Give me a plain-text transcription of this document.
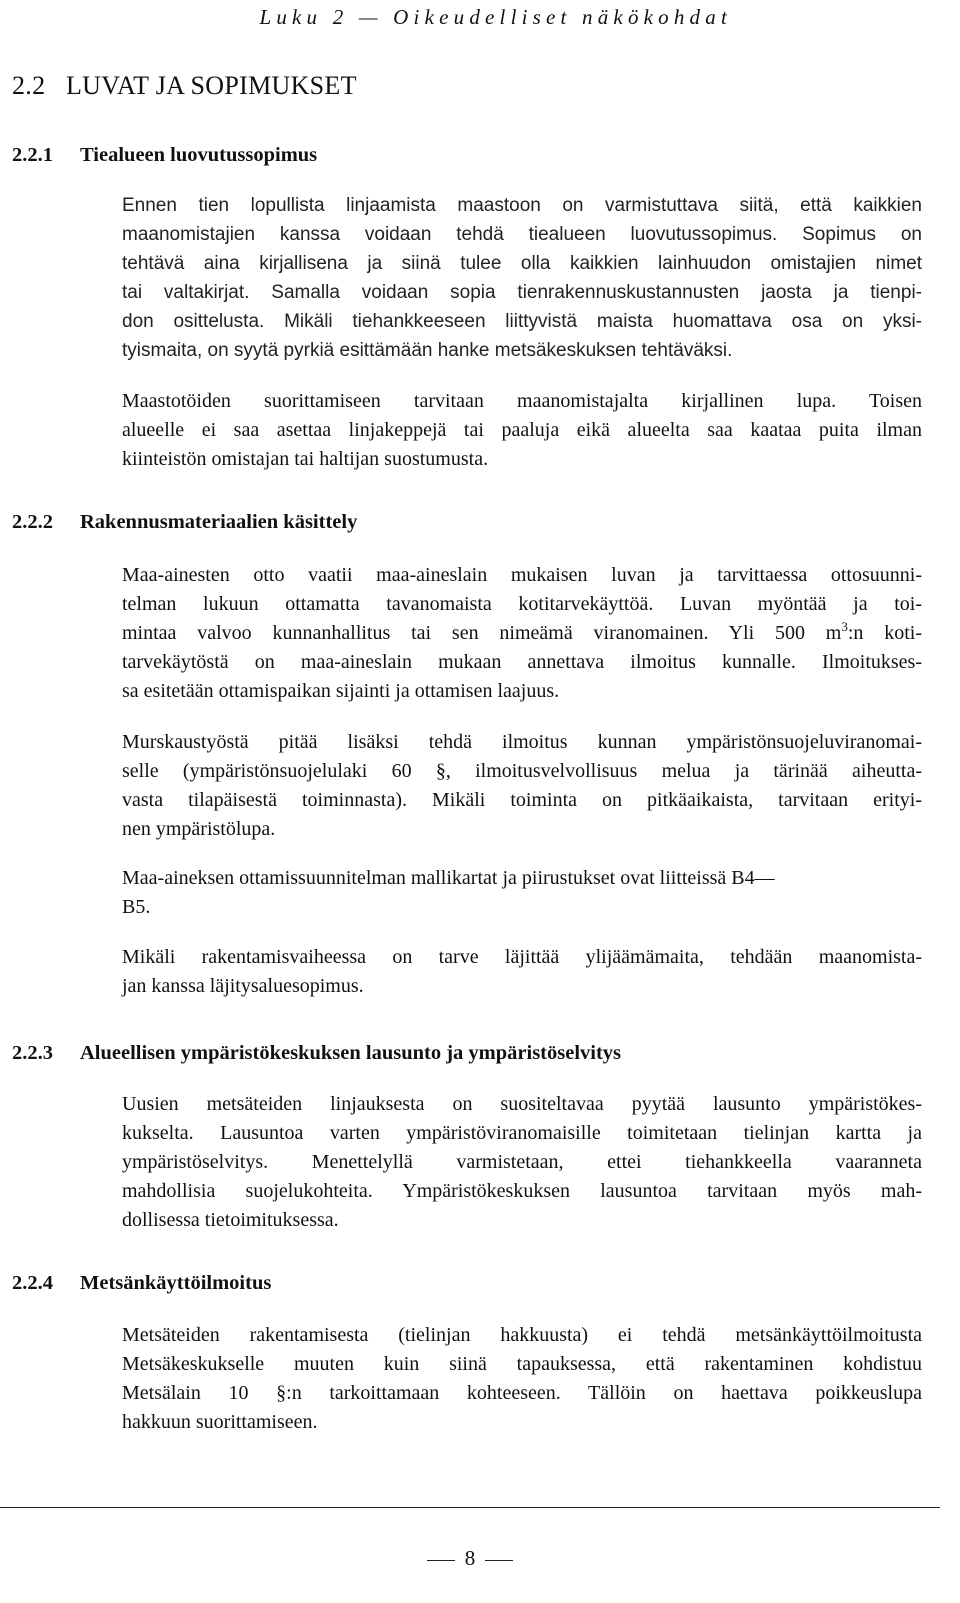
Luku 2 — Oikeudelliset näkökohdat
2.2 LUVAT JA SOPIMUKSET
2.2.1 Tiealueen luovutussopimus
Ennen tien lopullista linjaamista maastoon on varmistuttava siitä, että kaikkien
maanomistajien kanssa voidaan tehdä tiealueen luovutussopimus. Sopimus on
tehtävä aina kirjallisena ja siinä tulee olla kaikkien lainhuudon omistajien nimet
tai valtakirjat. Samalla voidaan sopia tienrakennuskustannusten jaosta ja tienpi-
don osittelusta. Mikäli tiehankkeeseen liittyvistä maista huomattava osa on yksi-
tyismaita, on syytä pyrkiä esittämään hanke metsäkeskuksen tehtäväksi.
Maastotöiden suorittamiseen tarvitaan maanomistajalta kirjallinen lupa. Toisen
alueelle ei saa asettaa linjakeppejä tai paaluja eikä alueelta saa kaataa puita ilman
kiinteistön omistajan tai haltijan suostumusta.
2.2.2 Rakennusmateriaalien käsittely
Maa-ainesten otto vaatii maa-aineslain mukaisen luvan ja tarvittaessa ottosuunni-
telman lukuun ottamatta tavanomaista kotitarvekäyttöä. Luvan myöntää ja toi-
mintaa valvoo kunnanhallitus tai sen nimeämä viranomainen. Yli 500 $m^3:n$ koti-
tarvekäytöstä on maa-aineslain mukaan annettava ilmoitus kunnalle. Ilmoitukses-
sa esitetään ottamispaikan sijainti ja ottamisen laajuus.
Murskaustyöstä pitää lisäksi tehdä ilmoitus kunnan ympäristönsuojeluviranomai-
selle (ympäristönsuojelulaki 60 §, ilmoitusvelvollisuus melua ja tärinää aiheutta-
vasta tilapäisestä toiminnasta). Mikäli toiminta on pitkäaikaista, tarvitaan erityi-
nen ympäristölupa.
Maa-aineksen ottamissuunnitelman mallikartat ja piirustukset ovat liitteissä B4—
B5.
Mikäli rakentamisvaiheessa on tarve läjittää ylijäämämaita, tehdään maanomista-
jan kanssa läjitysaluesopimus.
2.2.3 Alueellisen ympäristökeskuksen lausunto ja ympäristöselvitys
Uusien metsäteiden linjauksesta on suositeltavaa pyytää lausunto ympäristökes-
kukselta. Lausuntoa varten ympäristöviranomaisille toimitetaan tielinjan kartta ja
ympäristöselvitys. Menettelyllä varmistetaan, ettei tiehankkeella vaaranneta
mahdollisia suojelukohteita. Ympäristökeskuksen lausuntoa tarvitaan myös mah-
dollisessa tietoimituksessa.
2.2.4 Metsänkäyttöilmoitus
Metsäteiden rakentamisesta (tielinjan hakkuusta) ei tehdä metsänkäyttöilmoitusta
Metsäkeskukselle muuten kuin siinä tapauksessa, että rakentaminen kohdistuu
Metsälain 10 §:n tarkoittamaan kohteeseen. Tällöin on haettava poikkeuslupa
hakkuun suorittamiseen.
8
